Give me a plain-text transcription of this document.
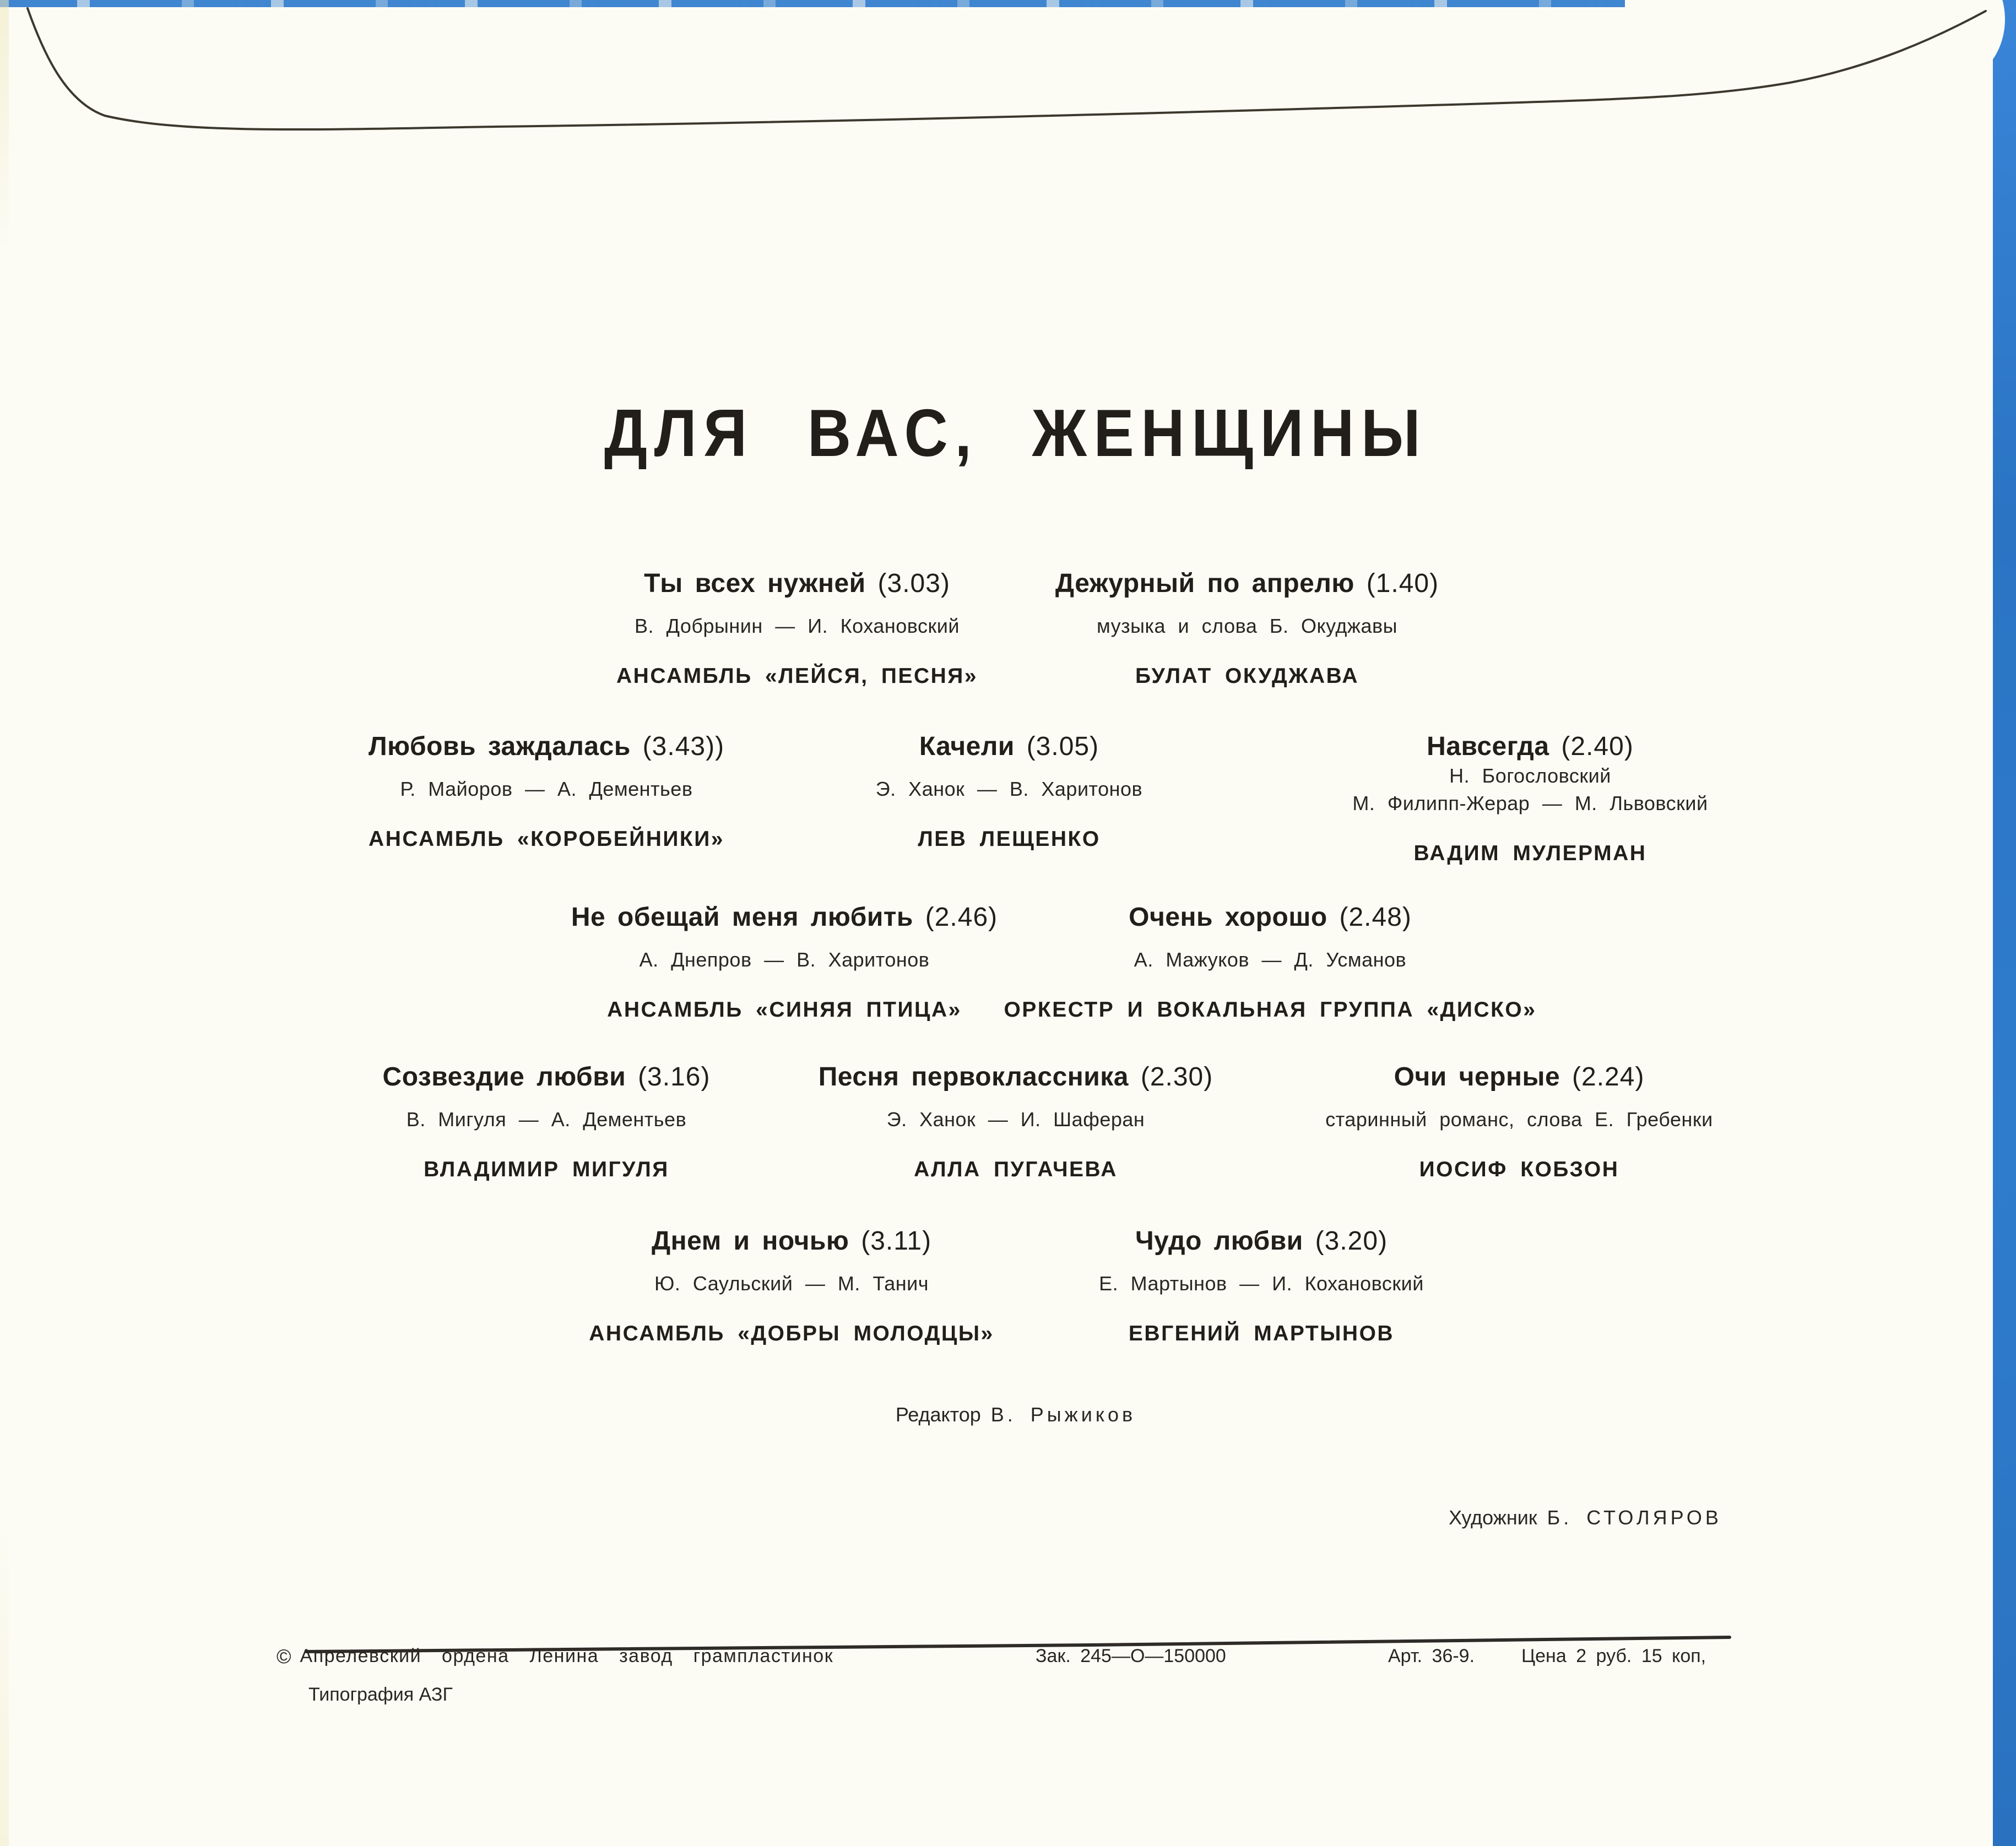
ДЛЯ ВАС, ЖЕНЩИНЫ
Ты всех нужней (3.03)
В. Добрынин — И. Кохановский
АНСАМБЛЬ «ЛЕЙСЯ, ПЕСНЯ»
Дежурный по апрелю (1.40)
музыка и слова Б. Окуджавы
БУЛАТ ОКУДЖАВА
Любовь заждалась (3.43))
Р. Майоров — А. Дементьев
АНСАМБЛЬ «КОРОБЕЙНИКИ»
Качели (3.05)
Э. Ханок — В. Харитонов
ЛЕВ ЛЕЩЕНКО
Навсегда (2.40)
Н. Богословский
М. Филипп-Жерар — М. Львовский
ВАДИМ МУЛЕРМАН
Не обещай меня любить (2.46)
А. Днепров — В. Харитонов
АНСАМБЛЬ «СИНЯЯ ПТИЦА»
Очень хорошо (2.48)
А. Мажуков — Д. Усманов
ОРКЕСТР И ВОКАЛЬНАЯ ГРУППА «ДИСКО»
Созвездие любви (3.16)
В. Мигуля — А. Дементьев
ВЛАДИМИР МИГУЛЯ
Песня первоклассника (2.30)
Э. Ханок — И. Шаферан
АЛЛА ПУГАЧЕВА
Очи черные (2.24)
старинный романс, слова Е. Гребенки
ИОСИФ КОБЗОН
Днем и ночью (3.11)
Ю. Саульский — М. Танич
АНСАМБЛЬ «ДОБРЫ МОЛОДЦЫ»
Чудо любви (3.20)
Е. Мартынов — И. Кохановский
ЕВГЕНИЙ МАРТЫНОВ
Редактор В. Рыжиков
Художник Б. СТОЛЯРОВ
© Апрелевский ордена Ленина завод грампластинок
Типография АЗГ
Зак. 245—О—150000	Арт. 36-9. Цена 2 руб. 15 коп,
